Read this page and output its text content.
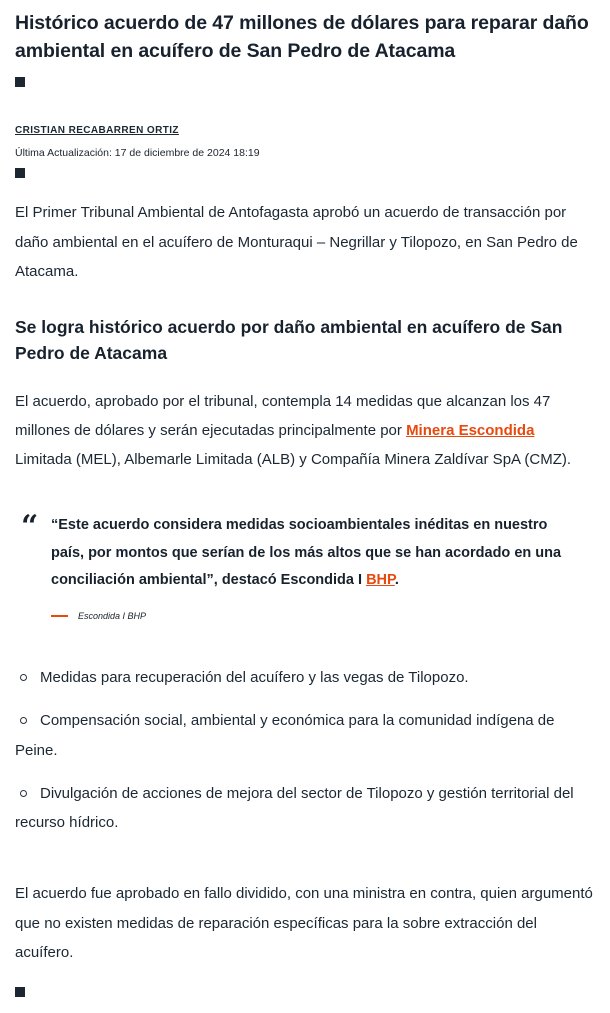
Histórico acuerdo de 47 millones de dólares para reparar daño ambiental en acuífero de San Pedro de Atacama
CRISTIAN RECABARREN ORTIZ
Última Actualización: 17 de diciembre de 2024 18:19

El Primer Tribunal Ambiental de Antofagasta aprobó un acuerdo de transacción por daño ambiental en el acuífero de Monturaqui – Negrillar y Tilopozo, en San Pedro de Atacama.

Se logra histórico acuerdo por daño ambiental en acuífero de San Pedro de Atacama

El acuerdo, aprobado por el tribunal, contempla 14 medidas que alcanzan los 47 millones de dólares y serán ejecutadas principalmente por Minera Escondida Limitada (MEL), Albemarle Limitada (ALB) y Compañía Minera Zaldívar SpA (CMZ).

“ “Este acuerdo considera medidas socioambientales inéditas en nuestro país, por montos que serían de los más altos que se han acordado en una conciliación ambiental”, destacó Escondida I BHP.
Escondida I BHP

Medidas para recuperación del acuífero y las vegas de Tilopozo.

Compensación social, ambiental y económica para la comunidad indígena de Peine.

Divulgación de acciones de mejora del sector de Tilopozo y gestión territorial del recurso hídrico.

El acuerdo fue aprobado en fallo dividido, con una ministra en contra, quien argumentó que no existen medidas de reparación específicas para la sobre extracción del acuífero.
